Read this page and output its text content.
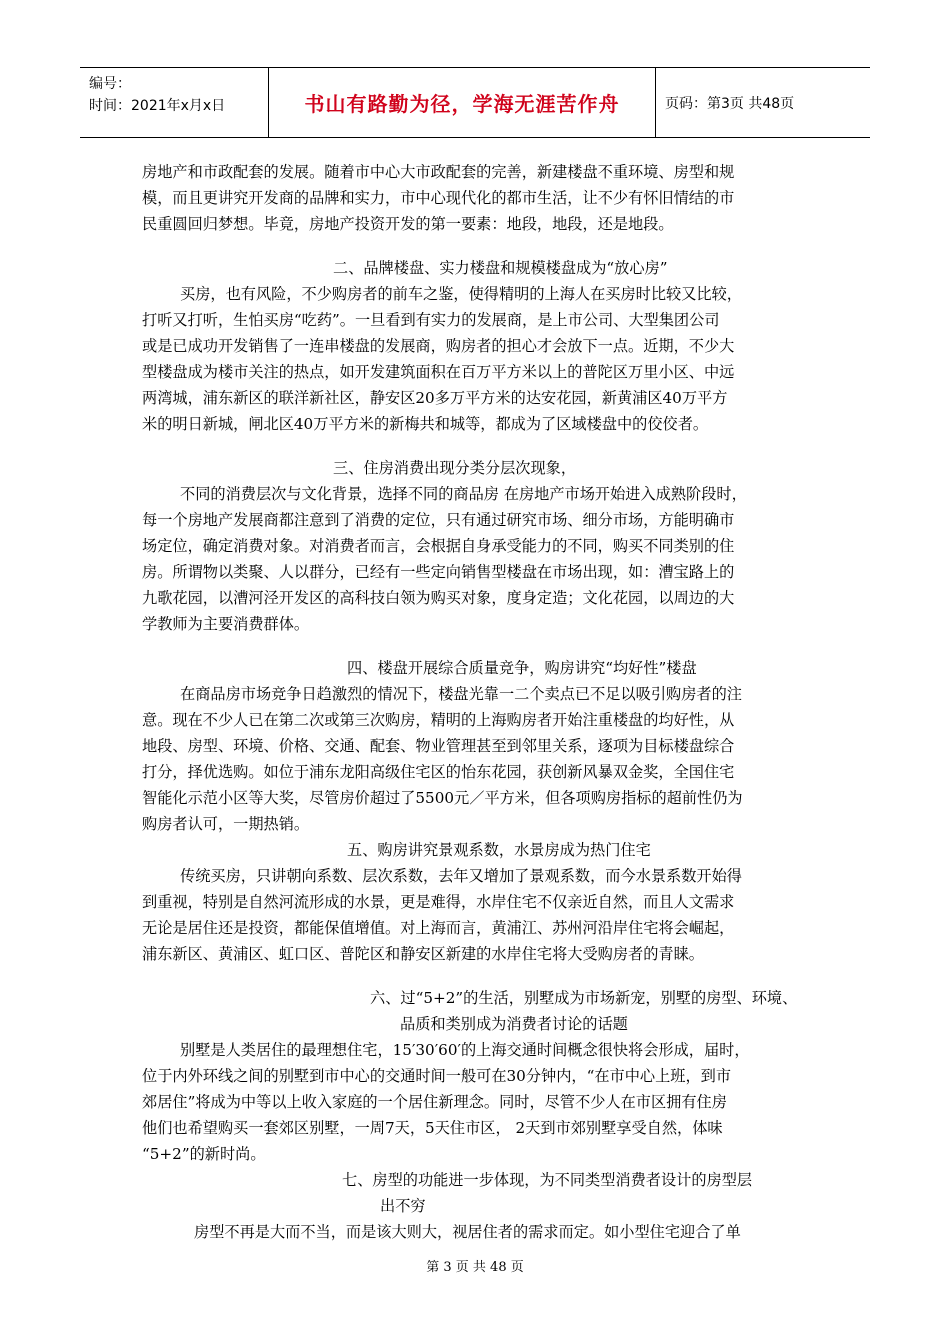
编号：
时间：2021年x月x日	书山有路勤为径，学海无涯苦作舟	页码：第3页 共48页
房地产和市政配套的发展。随着市中心大市政配套的完善，新建楼盘不重环境、房型和规
模，而且更讲究开发商的品牌和实力，市中心现代化的都市生活，让不少有怀旧情结的市
民重圆回归梦想。毕竟，房地产投资开发的第一要素：地段，地段，还是地段。
二、品牌楼盘、实力楼盘和规模楼盘成为“放心房”
买房，也有风险，不少购房者的前车之鉴，使得精明的上海人在买房时比较又比较，
打听又打听，生怕买房“吃药”。一旦看到有实力的发展商，是上市公司、大型集团公司
或是已成功开发销售了一连串楼盘的发展商，购房者的担心才会放下一点。近期，不少大
型楼盘成为楼市关注的热点，如开发建筑面积在百万平方米以上的普陀区万里小区、中远
两湾城，浦东新区的联洋新社区，静安区20多万平方米的达安花园，新黄浦区40万平方
米的明日新城，闸北区40万平方米的新梅共和城等，都成为了区域楼盘中的佼佼者。
三、住房消费出现分类分层次现象，
不同的消费层次与文化背景，选择不同的商品房 在房地产市场开始进入成熟阶段时，
每一个房地产发展商都注意到了消费的定位，只有通过研究市场、细分市场，方能明确市
场定位，确定消费对象。对消费者而言，会根据自身承受能力的不同，购买不同类别的住
房。所谓物以类聚、人以群分，已经有一些定向销售型楼盘在市场出现，如：漕宝路上的
九歌花园，以漕河泾开发区的高科技白领为购买对象，度身定造；文化花园，以周边的大
学教师为主要消费群体。
四、楼盘开展综合质量竞争，购房讲究“均好性”楼盘
在商品房市场竞争日趋激烈的情况下，楼盘光靠一二个卖点已不足以吸引购房者的注
意。现在不少人已在第二次或第三次购房，精明的上海购房者开始注重楼盘的均好性，从
地段、房型、环境、价格、交通、配套、物业管理甚至到邻里关系，逐项为目标楼盘综合
打分，择优选购。如位于浦东龙阳高级住宅区的怡东花园，获创新风暴双金奖，全国住宅
智能化示范小区等大奖，尽管房价超过了5500元／平方米，但各项购房指标的超前性仍为
购房者认可，一期热销。
五、购房讲究景观系数，水景房成为热门住宅
传统买房，只讲朝向系数、层次系数，去年又增加了景观系数，而今水景系数开始得
到重视，特别是自然河流形成的水景，更是难得，水岸住宅不仅亲近自然，而且人文需求
无论是居住还是投资，都能保值增值。对上海而言，黄浦江、苏州河沿岸住宅将会崛起，
浦东新区、黄浦区、虹口区、普陀区和静安区新建的水岸住宅将大受购房者的青睐。
六、过“5+2”的生活，别墅成为市场新宠，别墅的房型、环境、
品质和类别成为消费者讨论的话题
别墅是人类居住的最理想住宅，15′30′60′的上海交通时间概念很快将会形成，届时，
位于内外环线之间的别墅到市中心的交通时间一般可在30分钟内，“在市中心上班，到市
郊居住”将成为中等以上收入家庭的一个居住新理念。同时，尽管不少人在市区拥有住房
他们也希望购买一套郊区别墅，一周7天，5天住市区， 2天到市郊别墅享受自然，体味
“5+2”的新时尚。
七、房型的功能进一步体现，为不同类型消费者设计的房型层
出不穷
房型不再是大而不当，而是该大则大，视居住者的需求而定。如小型住宅迎合了单
第 3 页 共 48 页
